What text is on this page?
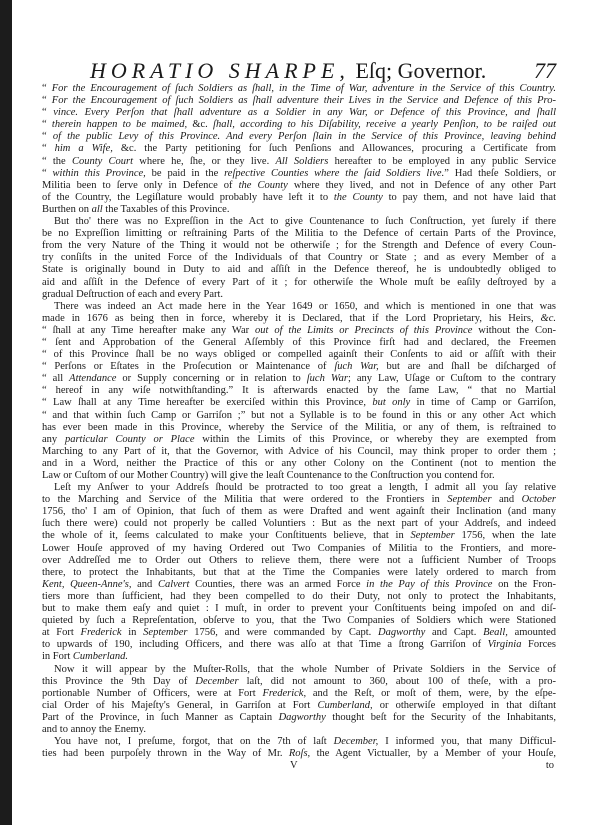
HORATIO SHARPE, Eſq; Governor. 77
“ For the Encouragement of ſuch Soldiers as ſhall, in the Time of War, adventure in the Service of this Country.
“ For the Encouragement of ſuch Soldiers as ſhall adventure their Lives in the Service and Defence of this Pro-
“ vince. Every Perſon that ſhall adventure as a Soldier in any War, or Defence of this Province, and ſhall
“ therein happen to be maimed, &c. ſhall, according to his Diſability, receive a yearly Penſion, to be raiſed out
“ of the public Levy of this Province. And every Perſon ſlain in the Service of this Province, leaving behind
“ him a Wife, &c. the Party petitioning for ſuch Penſions and Allowances, procuring a Certificate from
“ the County Court where he, ſhe, or they live. All Soldiers hereafter to be employed in any public Service
“ within this Province, be paid in the reſpective Counties where the ſaid Soldiers live.” Had theſe Soldiers, or
Militia been to ſerve only in Defence of the County where they lived, and not in Defence of any other Part
of the Country, the Legiſlature would probably have left it to the County to pay them, and not have laid that
Burthen on all the Taxables of this Province.
But tho' there was no Expreſſion in the Act to give Countenance to ſuch Conſtruction, yet ſurely if there
be no Expreſſion limitting or reſtraining Parts of the Militia to the Defence of certain Parts of the Province,
from the very Nature of the Thing it would not be otherwiſe ; for the Strength and Defence of every Coun-
try conſiſts in the united Force of the Individuals of that Country or State ; and as every Member of a
State is originally bound in Duty to aid and aſſiſt in the Defence thereof, he is undoubtedly obliged to
aid and aſſiſt in the Defence of every Part of it ; for otherwiſe the Whole muſt be eaſily deſtroyed by a
gradual Deſtruction of each and every Part.
There was indeed an Act made here in the Year 1649 or 1650, and which is mentioned in one that was
made in 1676 as being then in force, whereby it is Declared, that if the Lord Proprietary, his Heirs, &c.
“ ſhall at any Time hereafter make any War out of the Limits or Precincts of this Province without the Con-
“ ſent and Approbation of the General Aſſembly of this Province firſt had and declared, the Freemen
“ of this Province ſhall be no ways obliged or compelled againſt their Conſents to aid or aſſiſt with their
“ Perſons or Eſtates in the Proſecution or Maintenance of ſuch War, but are and ſhall be diſcharged of
“ all Attendance or Supply concerning or in relation to ſuch War; any Law, Uſage or Cuſtom to the contrary
“ hereof in any wiſe notwithſtanding.” It is afterwards enacted by the ſame Law, “ that no Martial
“ Law ſhall at any Time hereafter be exerciſed within this Province, but only in time of Camp or Garriſon,
“ and that within ſuch Camp or Garriſon ;” but not a Syllable is to be found in this or any other Act which
has ever been made in this Province, whereby the Service of the Militia, or any of them, is reſtrained to
any particular County or Place within the Limits of this Province, or whereby they are exempted from
Marching to any Part of it, that the Governor, with Advice of his Council, may think proper to order them ;
and in a Word, neither the Practice of this or any other Colony on the Continent (not to mention the
Law or Cuſtom of our Mother Country) will give the leaſt Countenance to the Conſtruction you contend for.
Leſt my Anſwer to your Addreſs ſhould be protracted to too great a length, I admit all you ſay relative
to the Marching and Service of the Militia that were ordered to the Frontiers in September and October
1756, tho' I am of Opinion, that ſuch of them as were Drafted and went againſt their Inclination (and many
ſuch there were) could not properly be called Voluntiers : But as the next part of your Addreſs, and indeed
the whole of it, ſeems calculated to make your Conſtituents believe, that in September 1756, when the late
Lower Houſe approved of my having Ordered out Two Companies of Militia to the Frontiers, and more-
over Addreſſed me to Order out Others to relieve them, there were not a ſufficient Number of Troops
there, to protect the Inhabitants, but that at the Time the Companies were lately ordered to march from
Kent, Queen-Anne's, and Calvert Counties, there was an armed Force in the Pay of this Province on the Fron-
tiers more than ſufficient, had they been compelled to do their Duty, not only to protect the Inhabitants,
but to make them eaſy and quiet : I muſt, in order to prevent your Conſtituents being impoſed on and diſ-
quieted by ſuch a Repreſentation, obſerve to you, that the Two Companies of Soldiers which were Stationed
at Fort Frederick in September 1756, and were commanded by Capt. Dagworthy and Capt. Beall, amounted
to upwards of 190, including Officers, and there was alſo at that Time a ſtrong Garriſon of Virginia Forces
in Fort Cumberland.
Now it will appear by the Muſter-Rolls, that the whole Number of Private Soldiers in the Service of
this Province the 9th Day of December laſt, did not amount to 360, about 100 of theſe, with a pro-
portionable Number of Officers, were at Fort Frederick, and the Reſt, or moſt of them, were, by the eſpe-
cial Order of his Majeſty's General, in Garriſon at Fort Cumberland, or otherwiſe employed in that diſtant
Part of the Province, in ſuch Manner as Captain Dagworthy thought beſt for the Security of the Inhabitants,
and to annoy the Enemy.
You have not, I preſume, forgot, that on the 7th of laſt December, I informed you, that many Difficul-
ties had been purpoſely thrown in the Way of Mr. Roſs, the Agent Victualler, by a Member of your Houſe,
V	to
